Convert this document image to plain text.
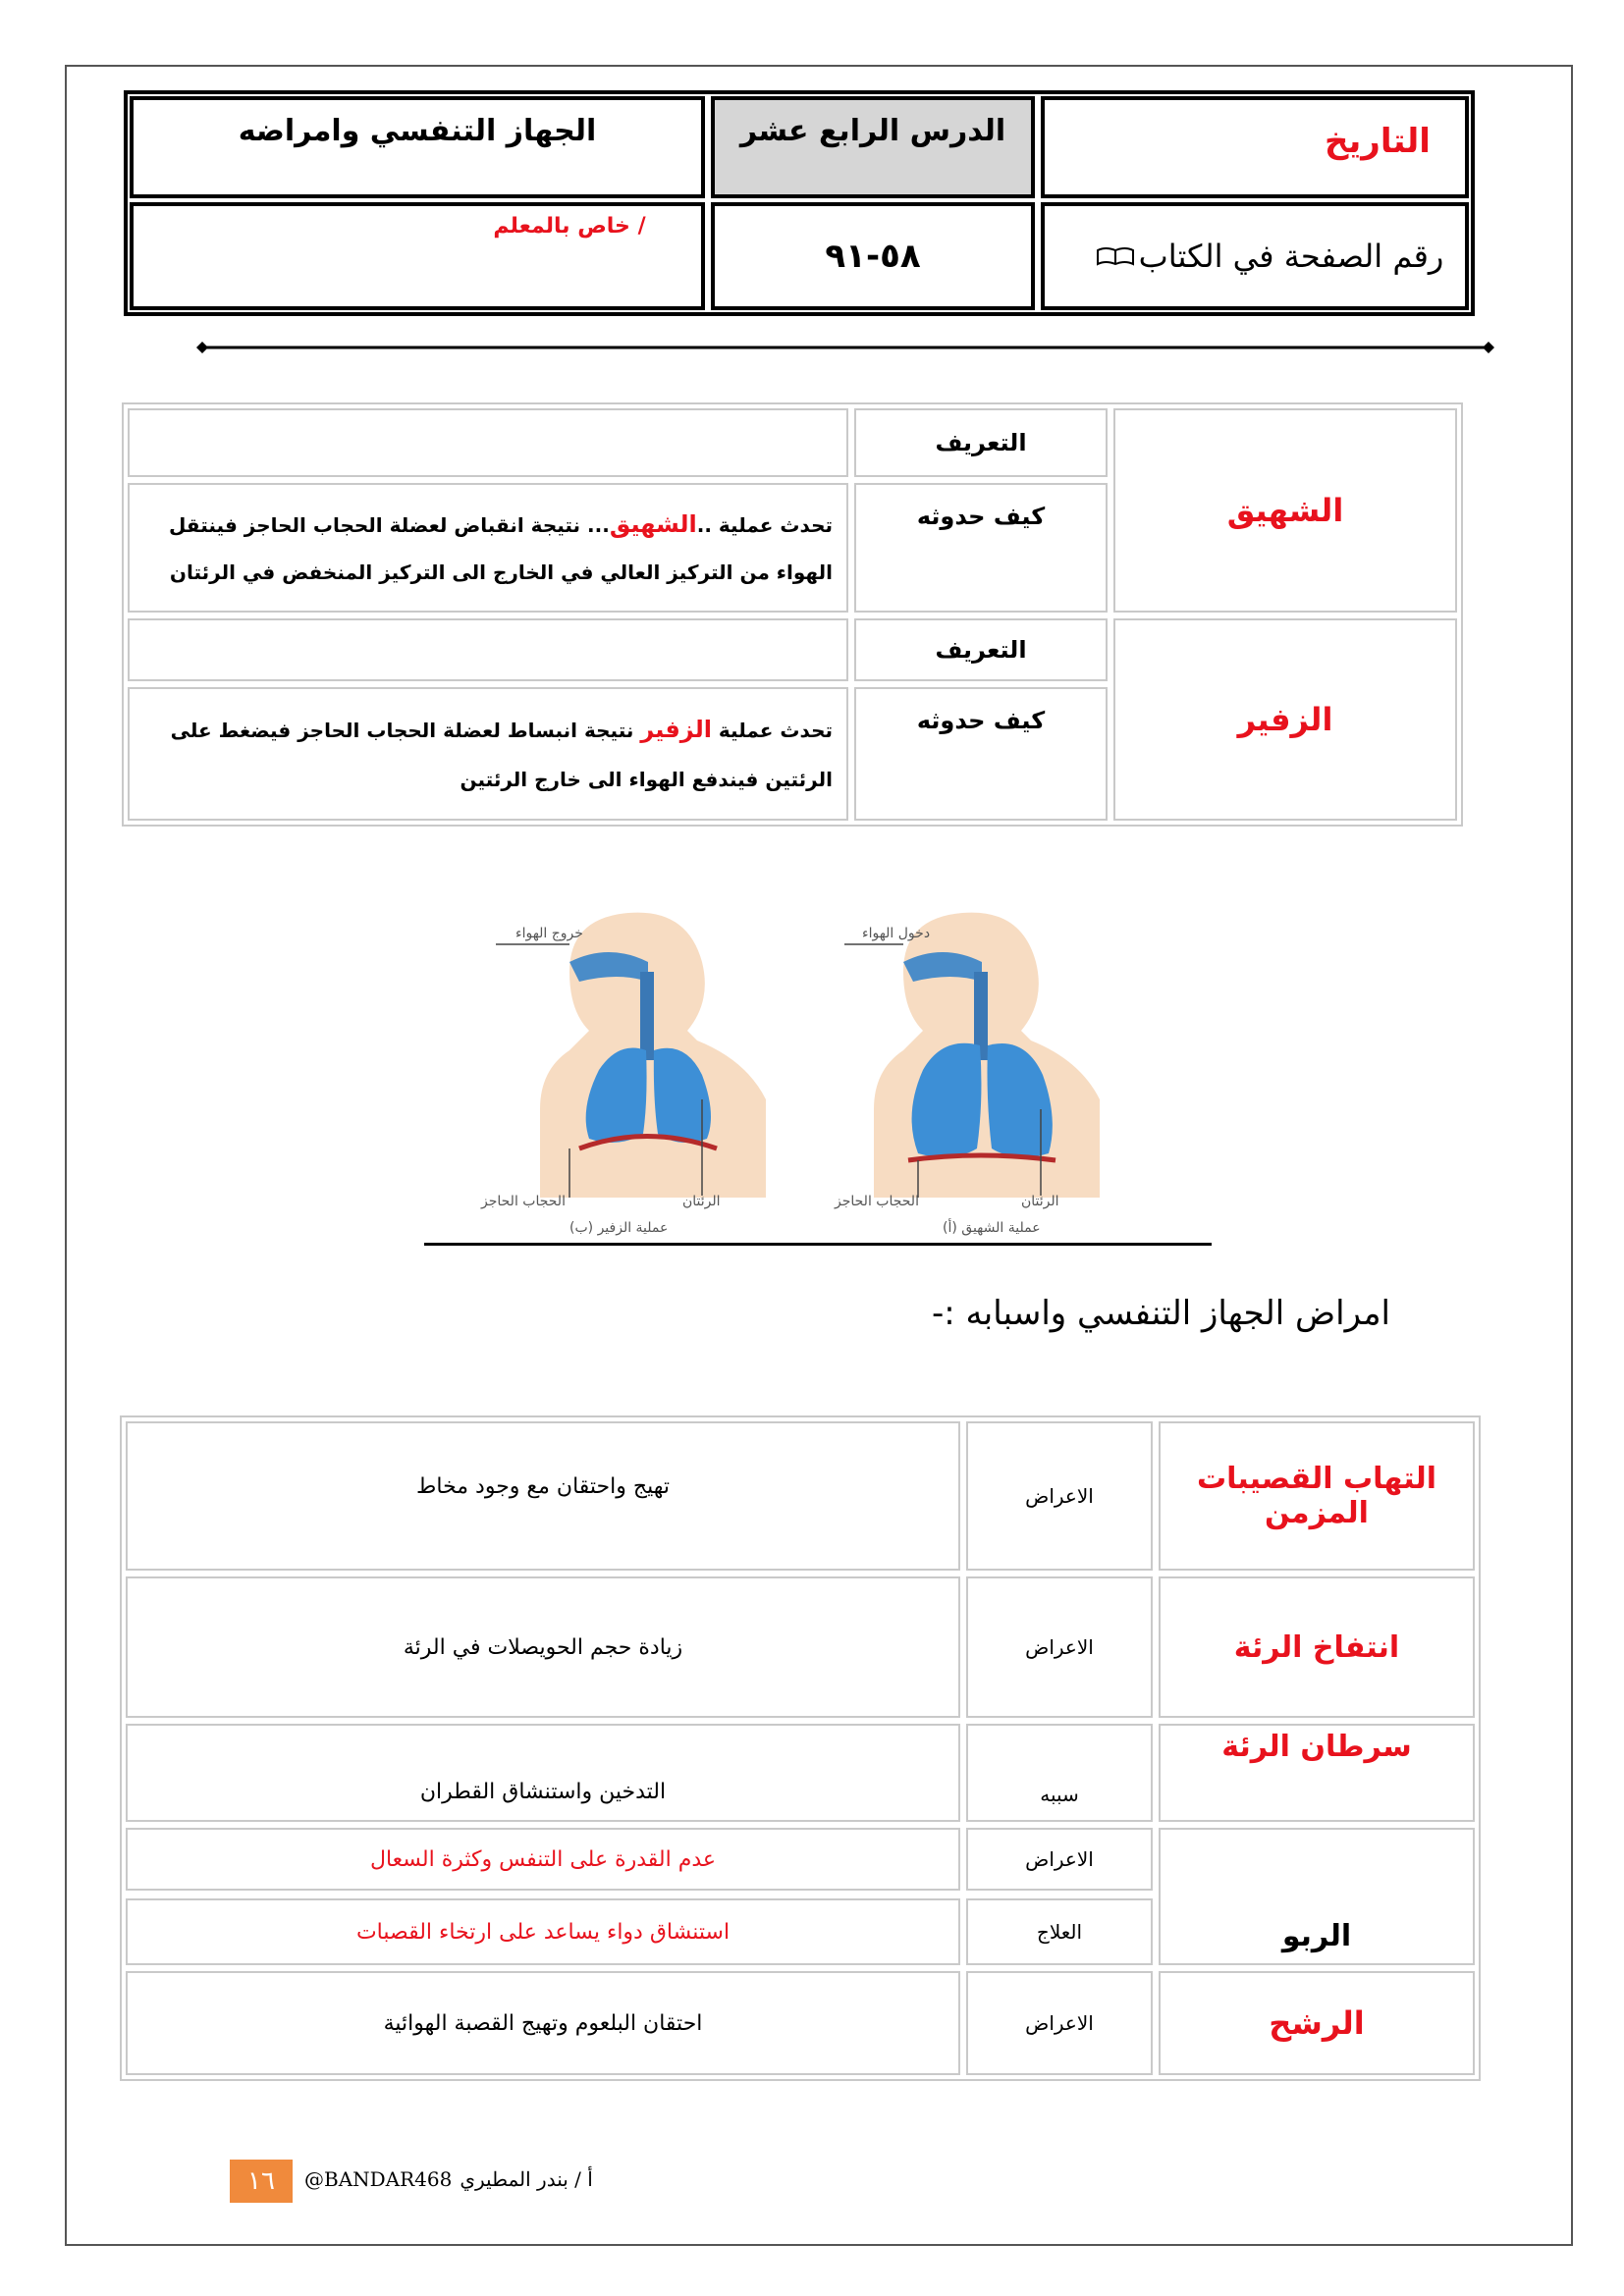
التاريخ
الدرس الرابع عشر
الجهاز التنفسي وامراضه
رقم الصفحة في الكتاب
٥٨-٩١
خاص بالمعلم /
الشهيق
التعريف
كيف حدوثه
تحدث عملية ..الشهيق... نتيجة انقباض لعضلة الحجاب الحاجز فينتقل
الهواء من التركيز العالي في الخارج الى التركيز المنخفض في الرئتان
الزفير
التعريف
كيف حدوثه
تحدث عملية الزفير نتيجة انبساط لعضلة الحجاب الحاجز فيضغط على
الرئتين فيندفع الهواء الى خارج الرئتين
خروج الهواء
الحجاب الحاجز	الرئتان
(ب) عملية الزفير
دخول الهواء
الحجاب الحاجز	الرئتان
(أ) عملية الشهيق
امراض الجهاز التنفسي واسبابه :-
التهاب القصيبات
المزمن
الاعراض
تهيج واحتقان مع وجود مخاط
انتفاخ الرئة
الاعراض
زيادة حجم الحويصلات في الرئة
سرطان الرئة
سببه
التدخين واستنشاق القطران
الربو
الاعراض
عدم القدرة على التنفس وكثرة السعال
العلاج
استنشاق دواء يساعد على ارتخاء القصبات
الرشح
الاعراض
احتقان البلعوم وتهيج القصبة الهوائية
١٦ @BANDAR468 أ / بندر المطيري
